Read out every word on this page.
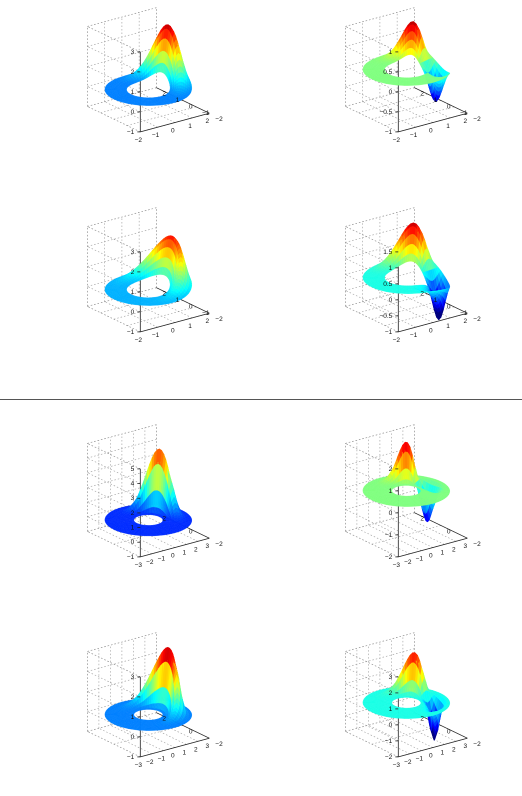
−1
0
1
2
3
−2
−1
0
1
2
2
1
0
−1
−2
−1
−0.5
0
0.5
1
−2
−1
0
1
2
2
1
0
−1
−2
−1
0
1
2
3
−2
−1
0
1
2
2
1
0
−1
−2
−1
−0.5
0
0.5
1
1.5
−2
−1
0
1
2
2
1
0
−1
−2
−1
0
1
2
3
4
5
−3 −2 −1 0 1 2 3
2
0
−2
−2
−1
0
1
2
−3 −2 −1 0 1 2 3
2
0
−2
−1
0
1
2
3
−3 −2 −1 0 1 2 3
2
0
−2
−2
−1
0
1
2
3
−3 −2 −1 0 1 2 3
2
0
−2
